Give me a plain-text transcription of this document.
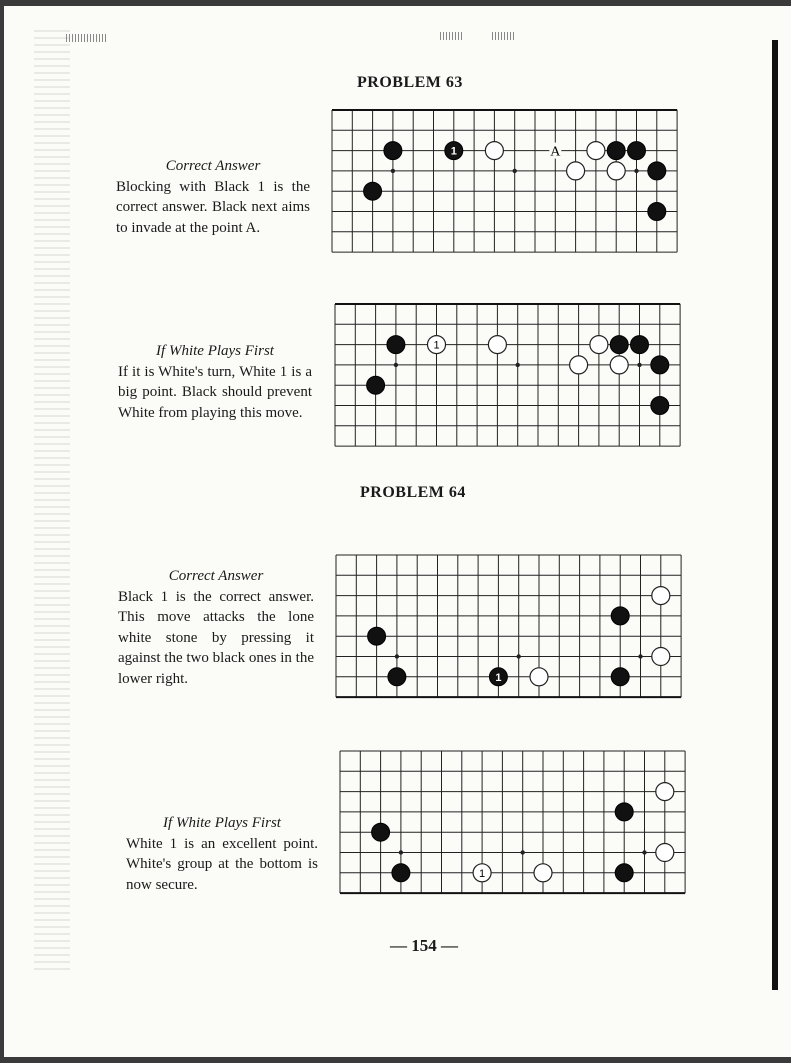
PROBLEM 63
Correct Answer
Blocking with Black 1 is the correct answer. Black next aims to invade at the point A.
A
1
If White Plays First
If it is White's turn, White 1 is a big point. Black should prevent White from playing this move.
1
PROBLEM 64
Correct Answer
Black 1 is the correct answer. This move attacks the lone white stone by pressing it against the two black ones in the lower right.	1
If White Plays First
White 1 is an excellent point. White's group at the bottom is now secure.
1
— 154 —
